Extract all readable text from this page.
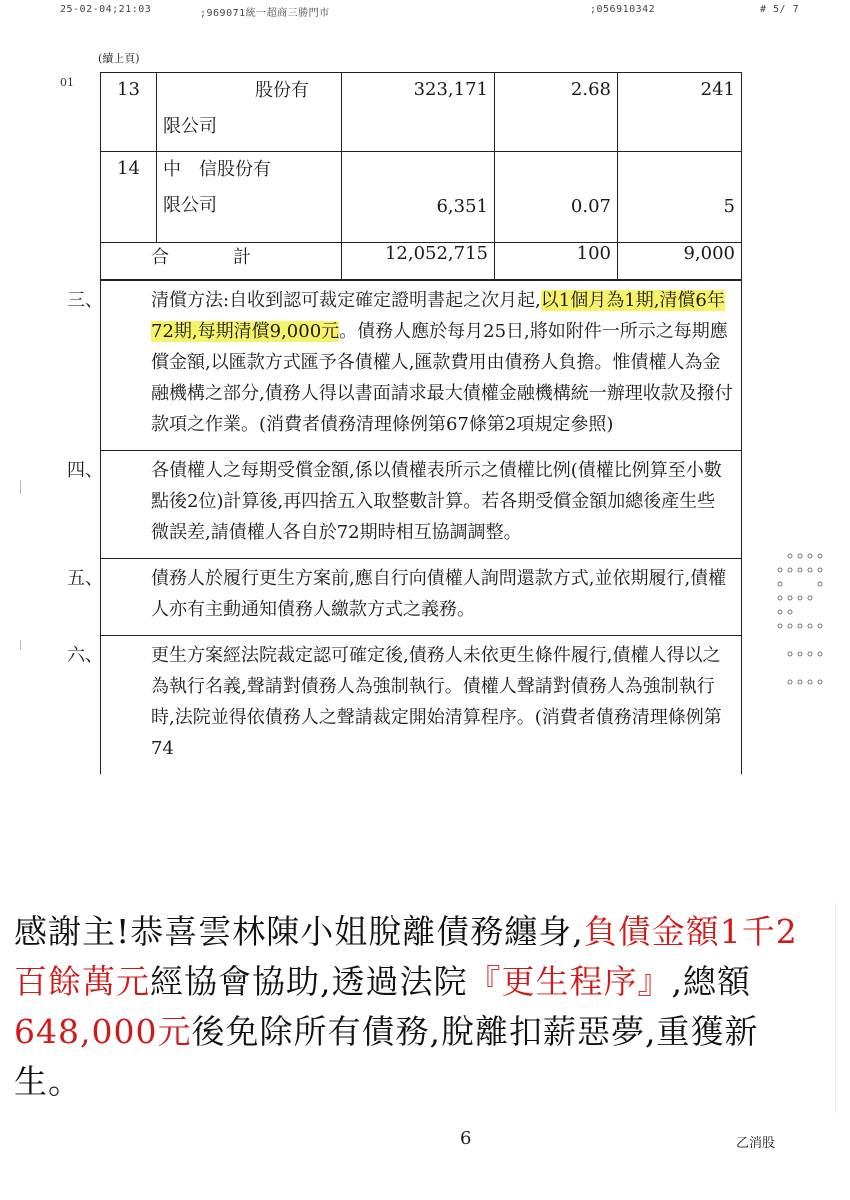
25-02-04;21:03	;969071統一超商三勝門市	;056910342	# 5/ 7
(續上頁)
01 13	股份有
限公司	323,171	2.68	241
14	中 信股份有
限公司	6,351	0.07	5
合計		12,052,715	100	9,000
三、	清償方法:自收到認可裁定確定證明書起之次月起,以1個月為1期,清償6年72期,每期清償9,000元。債務人應於每月25日,將如附件一所示之每期應償金額,以匯款方式匯予各債權人,匯款費用由債務人負擔。惟債權人為金融機構之部分,債務人得以書面請求最大債權金融機構統一辦理收款及撥付款項之作業。(消費者債務清理條例第67條第2項規定參照)
四、	各債權人之每期受償金額,係以債權表所示之債權比例(債權比例算至小數點後2位)計算後,再四捨五入取整數計算。若各期受償金額加總後產生些微誤差,請債權人各自於72期時相互協調調整。
五、	債務人於履行更生方案前,應自行向債權人詢問還款方式,並依期履行,債權人亦有主動通知債務人繳款方式之義務。
六、	更生方案經法院裁定認可確定後,債務人未依更生條件履行,債權人得以之為執行名義,聲請對債務人為強制執行。債權人聲請對債務人為強制執行時,法院並得依債務人之聲請裁定開始清算程序。(消費者債務清理條例第74

感謝主!恭喜雲林陳小姐脫離債務纏身,負債金額1千2百餘萬元經協會協助,透過法院『更生程序』,總額648,000元後免除所有債務,脫離扣薪惡夢,重獲新生。

6	乙消股
